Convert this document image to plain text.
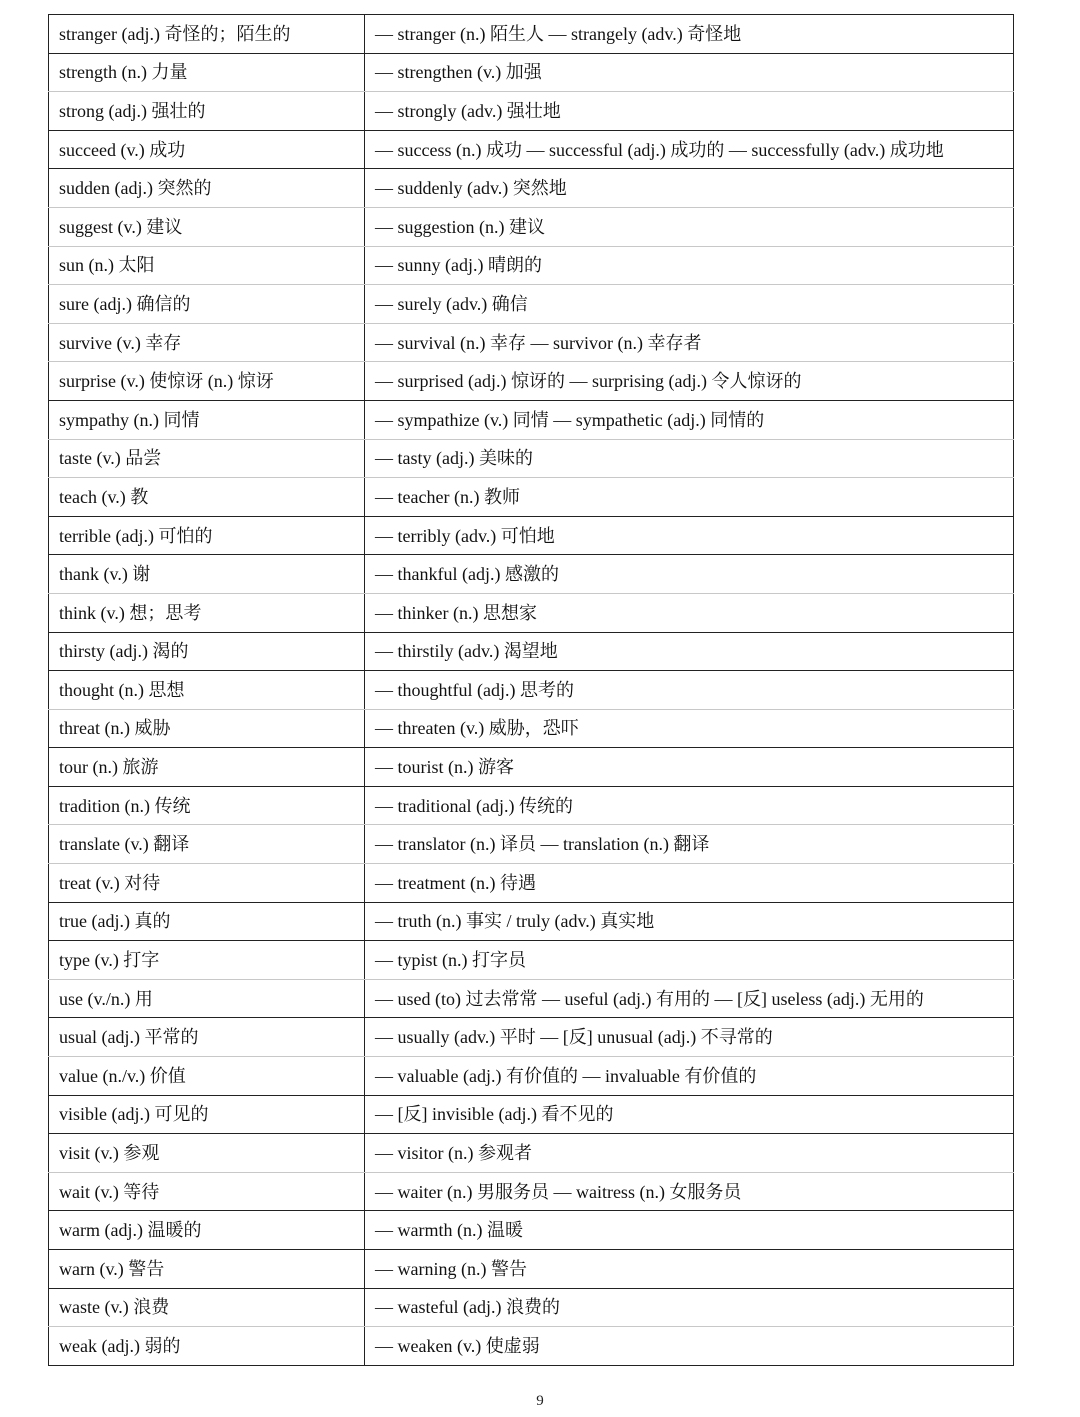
stranger (adj.) 奇怪的；陌生的	— stranger (n.) 陌生人 — strangely (adv.) 奇怪地
strength (n.) 力量	— strengthen (v.) 加强
strong (adj.) 强壮的	— strongly (adv.) 强壮地
succeed (v.) 成功	— success (n.) 成功 — successful (adj.) 成功的 — successfully (adv.) 成功地
sudden (adj.) 突然的	— suddenly (adv.) 突然地
suggest (v.) 建议	— suggestion (n.) 建议
sun (n.) 太阳	— sunny (adj.) 晴朗的
sure (adj.) 确信的	— surely (adv.) 确信
survive (v.) 幸存	— survival (n.) 幸存 — survivor (n.) 幸存者
surprise (v.) 使惊讶 (n.) 惊讶	— surprised (adj.) 惊讶的 — surprising (adj.) 令人惊讶的
sympathy (n.) 同情	— sympathize (v.) 同情 — sympathetic (adj.) 同情的
taste (v.) 品尝	— tasty (adj.) 美味的
teach (v.) 教	— teacher (n.) 教师
terrible (adj.) 可怕的	— terribly (adv.) 可怕地
thank (v.) 谢	— thankful (adj.) 感激的
think (v.) 想；思考	— thinker (n.) 思想家
thirsty (adj.) 渴的	— thirstily (adv.) 渴望地
thought (n.) 思想	— thoughtful (adj.) 思考的
threat (n.) 威胁	— threaten (v.) 威胁，恐吓
tour (n.) 旅游	— tourist (n.) 游客
tradition (n.) 传统	— traditional (adj.) 传统的
translate (v.) 翻译	— translator (n.) 译员 — translation (n.) 翻译
treat (v.) 对待	— treatment (n.) 待遇
true (adj.) 真的	— truth (n.) 事实 / truly (adv.) 真实地
type (v.) 打字	— typist (n.) 打字员
use (v./n.) 用	— used (to) 过去常常 — useful (adj.) 有用的 — [反] useless (adj.) 无用的
usual (adj.) 平常的	— usually (adv.) 平时 — [反] unusual (adj.) 不寻常的
value (n./v.) 价值	— valuable (adj.) 有价值的 — invaluable 有价值的
visible (adj.) 可见的	— [反] invisible (adj.) 看不见的
visit (v.) 参观	— visitor (n.) 参观者
wait (v.) 等待	— waiter (n.) 男服务员 — waitress (n.) 女服务员
warm (adj.) 温暖的	— warmth (n.) 温暖
warn (v.) 警告	— warning (n.) 警告
waste (v.) 浪费	— wasteful (adj.) 浪费的
weak (adj.) 弱的	— weaken (v.) 使虚弱
9
